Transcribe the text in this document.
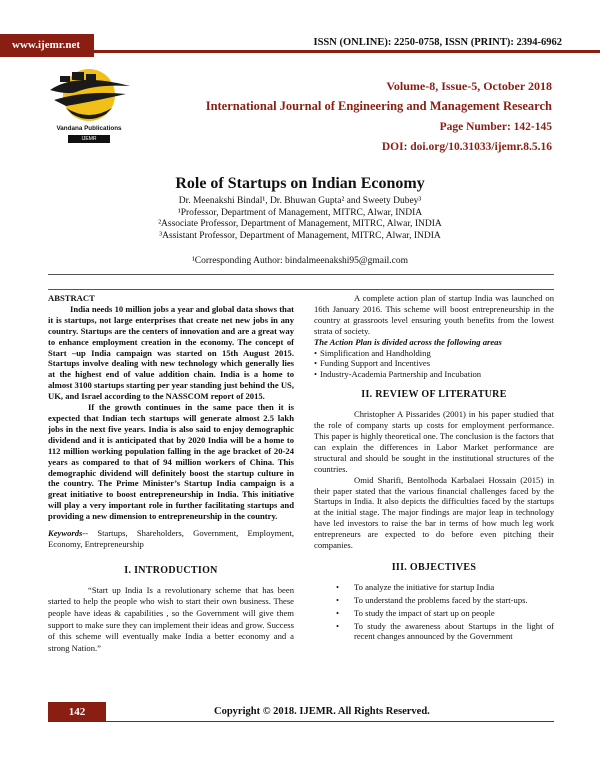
www.ijemr.net	ISSN (ONLINE): 2250-0758, ISSN (PRINT): 2394-6962
Vandana Publications
IJEMR
Volume-8, Issue-5, October 2018
International Journal of Engineering and Management Research
Page Number: 142-145
DOI: doi.org/10.31033/ijemr.8.5.16
Role of Startups on Indian Economy
Dr. Meenakshi Bindal¹, Dr. Bhuwan Gupta² and Sweety Dubey³
¹Professor, Department of Management, MITRC, Alwar, INDIA
²Associate Professor, Department of Management, MITRC, Alwar, INDIA
³Assistant Professor, Department of Management, MITRC, Alwar, INDIA
¹Corresponding Author: bindalmeenakshi95@gmail.com

ABSTRACT

India needs 10 million jobs a year and global data shows that it is startups, not large enterprises that create net new jobs in any country. Startups are the centers of innovation and are a great way to enhance employment creation in the economy. The concept of Start –up India campaign was started on 15th August 2015. Startups involve dealing with new technology which generally lies at the highest end of value addition chain. India is a home to almost 3100 startups starting per year standing just behind the US, UK, and Israel according to the NASSCOM report of 2015.

If the growth continues in the same pace then it is expected that Indian tech startups will generate almost 2.5 lakh jobs in the next five years. India is also said to enjoy demographic dividend and it is anticipated that by 2020 India will be a home to 112 million working population falling in the age bracket of 20-24 years as compared to that of 94 million workers of China. This demographic dividend will definitely boost the startup culture in the country. The Prime Minister’s Startup India campaign is a great initiative to boost entrepreneurship in India. This initiative will play a very important role in further facilitating startups and providing a new dimension to entrepreneurship in the country.

Keywords-- Startups, Shareholders, Government, Employment, Economy, Entrepreneurship

I. INTRODUCTION

“Start up India Is a revolutionary scheme that has been started to help the people who wish to start their own business. These people have ideas & capabilities , so the Government will give them support to make sure they can implement their ideas and grow. Success of this scheme will eventually make India a better economy and a strong Nation.”

A complete action plan of startup India was launched on 16th January 2016. This scheme will boost entrepreneurship in the country at grassroots level ensuring youth benefits from the lowest strata of society.

The Action Plan is divided across the following areas

• Simplification and Handholding
• Funding Support and Incentives
• Industry-Academia Partnership and Incubation

II. REVIEW OF LITERATURE

Christopher A Pissarides (2001) in his paper studied that the role of company starts up costs for employment performance. This paper is highly theoretical one. The conclusion is the factors that can explain the differences in Labor Market performance are structural and should be sought in the institutional structures of the countries.

Omid Sharifi, Bentolhoda Karbalaei Hossain (2015) in their paper stated that the various financial challenges faced by the Startups in India. It also depicts the difficulties faced by the startups at the initial stage. The major findings are major leap in technology have led investors to raise the bar in terms of how much leg work entrepreneurs are expected to do before even pitching their companies.

III. OBJECTIVES

• To analyze the initiative for startup India
• To understand the problems faced by the start-ups.
• To study the impact of start up on people
• To study the awareness about Startups in the light of recent changes announced by the Government
142	Copyright © 2018. IJEMR. All Rights Reserved.
